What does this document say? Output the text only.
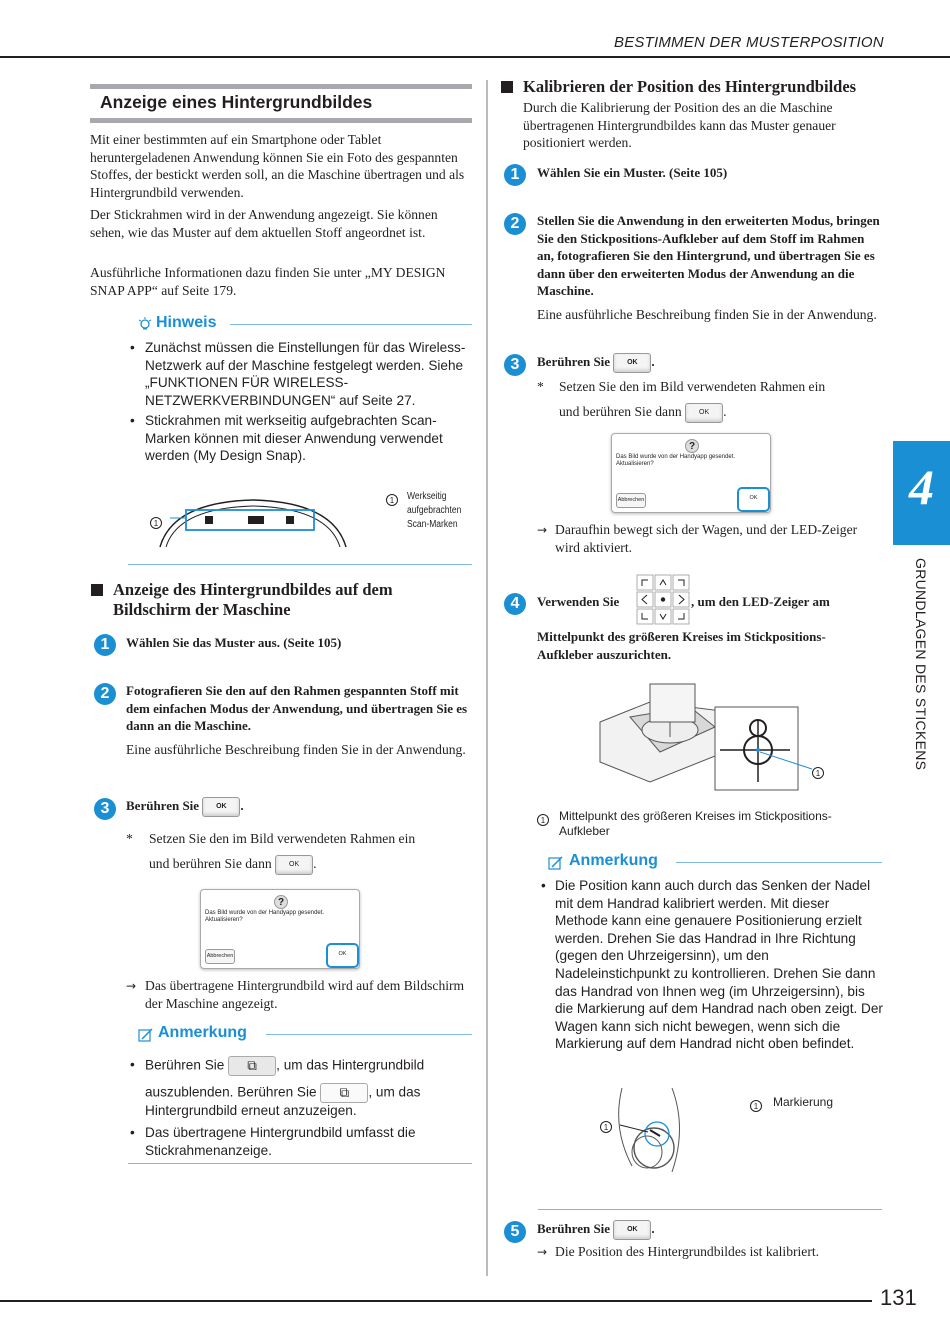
BESTIMMEN DER MUSTERPOSITION
4
GRUNDLAGEN DES STICKENS
Anzeige eines Hintergrundbildes
Mit einer bestimmten auf ein Smartphone oder Tablet heruntergeladenen Anwendung können Sie ein Foto des gespannten Stoffes, der bestickt werden soll, an die Maschine übertragen und als Hintergrundbild verwenden.
Der Stickrahmen wird in der Anwendung angezeigt. Sie können sehen, wie das Muster auf dem aktuellen Stoff angeordnet ist.
Ausführliche Informationen dazu finden Sie unter „MY DESIGN SNAP APP“ auf Seite 179.
Hinweis
• Zunächst müssen die Einstellungen für das Wireless-Netzwerk auf der Maschine festgelegt werden. Siehe „FUNKTIONEN FÜR WIRELESS-NETZWERKVERBINDUNGEN“ auf Seite 27.
• Stickrahmen mit werkseitig aufgebrachten Scan-Marken können mit dieser Anwendung verwendet werden (My Design Snap).
1
1	Werkseitig aufgebrachten Scan-Marken
Anzeige des Hintergrundbildes auf dem Bildschirm der Maschine
1	Wählen Sie das Muster aus. (Seite 105)
2	Fotografieren Sie den auf den Rahmen gespannten Stoff mit dem einfachen Modus der Anwendung, und übertragen Sie es dann an die Maschine.
Eine ausführliche Beschreibung finden Sie in der Anwendung.
3	Berühren Sie OK .
* Setzen Sie den im Bild verwendeten Rahmen ein
und berühren Sie dann OK .
?
Das Bild wurde von der Handyapp gesendet. Aktualisieren?
Abbrechen	OK
→ Das übertragene Hintergrundbild wird auf dem Bildschirm der Maschine angezeigt.
Anmerkung
• Berühren Sie ⧉ , um das Hintergrundbild
auszublenden. Berühren Sie ⧉ , um das
Hintergrundbild erneut anzuzeigen.
• Das übertragene Hintergrundbild umfasst die Stickrahmenanzeige.
Kalibrieren der Position des Hintergrundbildes
Durch die Kalibrierung der Position des an die Maschine übertragenen Hintergrundbildes kann das Muster genauer positioniert werden.
1	Wählen Sie ein Muster. (Seite 105)
2	Stellen Sie die Anwendung in den erweiterten Modus, bringen Sie den Stickpositions-Aufkleber auf dem Stoff im Rahmen an, fotografieren Sie den Hintergrund, und übertragen Sie es dann über den erweiterten Modus der Anwendung an die Maschine.
Eine ausführliche Beschreibung finden Sie in der Anwendung.
3	Berühren Sie OK .
* Setzen Sie den im Bild verwendeten Rahmen ein
und berühren Sie dann OK .
?
Das Bild wurde von der Handyapp gesendet. Aktualisieren?
Abbrechen	OK
→ Daraufhin bewegt sich der Wagen, und der LED-Zeiger wird aktiviert.
4	Verwenden Sie	, um den LED-Zeiger am
Mittelpunkt des größeren Kreises im Stickpositions-Aufkleber auszurichten.
1
1	Mittelpunkt des größeren Kreises im Stickpositions-Aufkleber
Anmerkung
• Die Position kann auch durch das Senken der Nadel mit dem Handrad kalibriert werden. Mit dieser Methode kann eine genauere Positionierung erzielt werden. Drehen Sie das Handrad in Ihre Richtung (gegen den Uhrzeigersinn), um den Nadeleinstichpunkt zu kontrollieren. Drehen Sie dann das Handrad von Ihnen weg (im Uhrzeigersinn), bis die Markierung auf dem Handrad nach oben zeigt. Der Wagen kann sich nicht bewegen, wenn sich die Markierung auf dem Handrad nicht oben befindet.
1
1	Markierung
5	Berühren Sie OK .
→ Die Position des Hintergrundbildes ist kalibriert.
131
